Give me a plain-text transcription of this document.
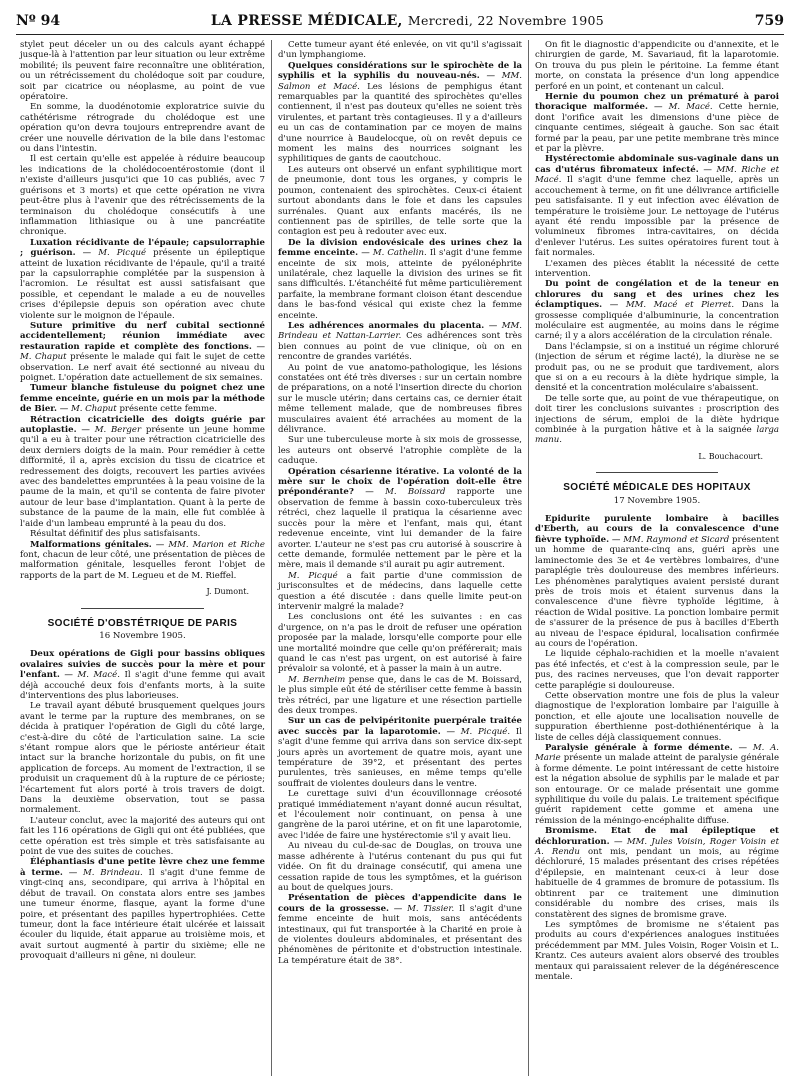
Nº 94	LA PRESSE MÉDICALE, Mercredi, 22 Novembre 1905	759

stylet peut déceler un ou des calculs ayant échappé jusque-là à l'attention par leur situation ou leur extrême mobilité; ils peuvent faire reconnaître une oblitération, ou un rétrécissement du cholédoque soit par coudure, soit par cicatrice ou néoplasme, au point de vue opératoire.

En somme, la duodénotomie exploratrice suivie du cathétérisme rétrograde du cholédoque est une opération qu'on devra toujours entreprendre avant de créer une nouvelle dérivation de la bile dans l'estomac ou dans l'intestin.

Il est certain qu'elle est appelée à réduire beaucoup les indications de la cholédocoentérostomie (dont il n'existe d'ailleurs jusqu'ici que 10 cas publiés, avec 7 guérisons et 3 morts) et que cette opération ne vivra peut-être plus à l'avenir que des rétrécissements de la terminaison du cholédoque consécutifs à une inflammation lithiasique ou à une pancréatite chronique.

Luxation récidivante de l'épaule; capsulorraphie ; guérison. — M. Picqué présente un épileptique atteint de luxation récidivante de l'épaule, qu'il a traité par la capsulorraphie complétée par la suspension à l'acromion. Le résultat est aussi satisfaisant que possible, et cependant le malade a eu de nouvelles crises d'épilepsie depuis son opération avec chute violente sur le moignon de l'épaule.

Suture primitive du nerf cubital sectionné accidentellement; réunion immédiate avec restauration rapide et complète des fonctions. — M. Chaput présente le malade qui fait le sujet de cette observation. Le nerf avait été sectionné au niveau du poignet. L'opération date actuellement de six semaines.

Tumeur blanche fistuleuse du poignet chez une femme enceinte, guérie en un mois par la méthode de Bier. — M. Chaput présente cette femme.

Rétraction cicatricielle des doigts guérie par autoplastie. — M. Berger présente un jeune homme qu'il a eu à traiter pour une rétraction cicatricielle des deux derniers doigts de la main. Pour remédier à cette difformité, il a, après excision du tissu de cicatrice et redressement des doigts, recouvert les parties avivées avec des bandelettes empruntées à la peau voisine de la paume de la main, et qu'il se contenta de faire pivoter autour de leur base d'implantation. Quant à la perte de substance de la paume de la main, elle fut comblée à l'aide d'un lambeau emprunté à la peau du dos.

Résultat définitif des plus satisfaisants.

Malformations génitales. — MM. Marion et Riche font, chacun de leur côté, une présentation de pièces de malformation génitale, lesquelles feront l'objet de rapports de la part de M. Legueu et de M. Rieffel.

J. Dumont.

SOCIÉTÉ D'OBSTÉTRIQUE DE PARIS

16 Novembre 1905.

Deux opérations de Gigli pour bassins obliques ovalaires suivies de succès pour la mère et pour l'enfant. — M. Macé. Il s'agit d'une femme qui avait déjà accouché deux fois d'enfants morts, à la suite d'interventions des plus laborieuses.

Le travail ayant débuté brusquement quelques jours avant le terme par la rupture des membranes, on se décida à pratiquer l'opération de Gigli du côté large, c'est-à-dire du côté de l'articulation saine. La scie s'étant rompue alors que le périoste antérieur était intact sur la branche horizontale du pubis, on fit une application de forceps. Au moment de l'extraction, il se produisit un craquement dû à la rupture de ce périoste; l'écartement fut alors porté à trois travers de doigt. Dans la deuxième observation, tout se passa normalement.

L'auteur conclut, avec la majorité des auteurs qui ont fait les 116 opérations de Gigli qui ont été publiées, que cette opération est très simple et très satisfaisante au point de vue des suites de couches.

Éléphantiasis d'une petite lèvre chez une femme à terme. — M. Brindeau. Il s'agit d'une femme de vingt-cinq ans, secondipare, qui arriva à l'hôpital en début de travail. On constata alors entre ses jambes une tumeur énorme, flasque, ayant la forme d'une poire, et présentant des papilles hypertrophiées. Cette tumeur, dont la face intérieure était ulcérée et laissait écouler du liquide, était apparue au troisième mois, et avait surtout augmenté à partir du sixième; elle ne provoquait d'ailleurs ni gêne, ni douleur.

Cette tumeur ayant été enlevée, on vit qu'il s'agissait d'un lymphangiome.

Quelques considérations sur le spirochète de la syphilis et la syphilis du nouveau-nés. — MM. Salmon et Macé. Les lésions de pemphigus étant remarquables par la quantité des spirochètes qu'elles contiennent, il n'est pas douteux qu'elles ne soient très virulentes, et partant très contagieuses. Il y a d'ailleurs eu un cas de contamination par ce moyen de mains d'une nourrice à Baudelocque, où on revêt depuis ce moment les mains des nourrices soignant les syphilitiques de gants de caoutchouc.

Les auteurs ont observé un enfant syphilitique mort de pneumonie, dont tous les organes, y compris le poumon, contenaient des spirochètes. Ceux-ci étaient surtout abondants dans le foie et dans les capsules surrénales. Quant aux enfants macérés, ils ne contiennent pas de spirilles, de telle sorte que la contagion est peu à redouter avec eux.

De la division endovésicale des urines chez la femme enceinte. — M. Cathelin. Il s'agit d'une femme enceinte de six mois, atteinte de pyélonéphrite unilatérale, chez laquelle la division des urines se fit sans difficultés. L'étanchéité fut même particulièrement parfaite, la membrane formant cloison étant descendue dans le bas-fond vésical qui existe chez la femme enceinte.

Les adhérences anormales du placenta. — MM. Brindeau et Nattan-Larrier. Ces adhérences sont très bien connues au point de vue clinique, où on en rencontre de grandes variétés.

Au point de vue anatomo-pathologique, les lésions constatées ont été très diverses : sur un certain nombre de préparations, on a noté l'insertion directe du chorion sur le muscle utérin; dans certains cas, ce dernier était même tellement malade, que de nombreuses fibres musculaires avaient été arrachées au moment de la délivrance.

Sur une tuberculeuse morte à six mois de grossesse, les auteurs ont observé l'atrophie complète de la caduque.

Opération césarienne itérative. La volonté de la mère sur le choix de l'opération doit-elle être prépondérante? — M. Boissard rapporte une observation de femme à bassin coxo-tuberculeux très rétréci, chez laquelle il pratiqua la césarienne avec succès pour la mère et l'enfant, mais qui, étant redevenue enceinte, vint lui demander de la faire avorter. L'auteur ne s'est pas cru autorisé à souscrire à cette demande, formulée nettement par le père et la mère, mais il demande s'il aurait pu agir autrement.

M. Picqué a fait partie d'une commission de jurisconsultes et de médecins, dans laquelle cette question a été discutée : dans quelle limite peut-on intervenir malgré la malade?

Les conclusions ont été les suivantes : en cas d'urgence, on n'a pas le droit de refuser une opération proposée par la malade, lorsqu'elle comporte pour elle une mortalité moindre que celle qu'on préférerait; mais quand le cas n'est pas urgent, on est autorisé à faire prévaloir sa volonté, et à passer la main à un autre.

M. Bernheim pense que, dans le cas de M. Boissard, le plus simple eût été de stériliser cette femme à bassin très rétréci, par une ligature et une résection partielle des deux trompes.

Sur un cas de pelvipéritonite puerpérale traitée avec succès par la laparotomie. — M. Picqué. Il s'agit d'une femme qui arriva dans son service dix-sept jours après un avortement de quatre mois, ayant une température de 39°2, et présentant des pertes purulentes, très sanieuses, en même temps qu'elle souffrait de violentes douleurs dans le ventre.

Le curettage suivi d'un écouvillonnage créosoté pratiqué immédiatement n'ayant donné aucun résultat, et l'écoulement noir continuant, on pensa à une gangrène de la paroi utérine, et on fit une laparotomie, avec l'idée de faire une hystérectomie s'il y avait lieu.

Au niveau du cul-de-sac de Douglas, on trouva une masse adhérente à l'utérus contenant du pus qui fut vidée. On fit du drainage consécutif, qui amena une cessation rapide de tous les symptômes, et la guérison au bout de quelques jours.

Présentation de pièces d'appendicite dans le cours de la grossesse. — M. Tissier. Il s'agit d'une femme enceinte de huit mois, sans antécédents intestinaux, qui fut transportée à la Charité en proie à de violentes douleurs abdominales, et présentant des phénomènes de péritonite et d'obstruction intestinale. La température était de 38°.

On fit le diagnostic d'appendicite ou d'annexite, et le chirurgien de garde, M. Savariaud, fit la laparotomie. On trouva du pus plein le péritoine. La femme étant morte, on constata la présence d'un long appendice perforé en un point, et contenant un calcul.

Hernie du poumon chez un prématuré à paroi thoracique malformée. — M. Macé. Cette hernie, dont l'orifice avait les dimensions d'une pièce de cinquante centimes, siégeait à gauche. Son sac était formé par la peau, par une petite membrane très mince et par la plèvre.

Hystérectomie abdominale sus-vaginale dans un cas d'utérus fibromateux infecté. — MM. Riche et Macé. Il s'agit d'une femme chez laquelle, après un accouchement à terme, on fit une délivrance artificielle peu satisfaisante. Il y eut infection avec élévation de température le troisième jour. Le nettoyage de l'utérus ayant été rendu impossible par la présence de volumineux fibromes intra-cavitaires, on décida d'enlever l'utérus. Les suites opératoires furent tout à fait normales.

L'examen des pièces établit la nécessité de cette intervention.

Du point de congélation et de la teneur en chlorures du sang et des urines chez les éclamptiques. — MM. Macé et Pierret. Dans la grossesse compliquée d'albuminurie, la concentration moléculaire est augmentée, au moins dans le régime carné; il y a alors accélération de la circulation rénale.

Dans l'éclampsie, si on a institué un régime chloruré (injection de sérum et régime lacté), la diurèse ne se produit pas, ou ne se produit que tardivement, alors que si on a eu recours à la diète hydrique simple, la densité et la concentration moléculaire s'abaissent.

De telle sorte que, au point de vue thérapeutique, on doit tirer les conclusions suivantes : proscription des injections de sérum, emploi de la diète hydrique combinée à la purgation hâtive et à la saignée larga manu.

L. Bouchacourt.

SOCIÉTÉ MÉDICALE DES HOPITAUX

17 Novembre 1905.

Epidurite purulente lombaire à bacilles d'Eberth, au cours de la convalescence d'une fièvre typhoïde. — MM. Raymond et Sicard présentent un homme de quarante-cinq ans, guéri après une laminectomie des 3e et 4e vertèbres lombaires, d'une paraplégie très douloureuse des membres inférieurs. Les phénomènes paralytiques avaient persisté durant près de trois mois et étaient survenus dans la convalescence d'une fièvre typhoïde légitime, à réaction de Widal positive. La ponction lombaire permit de s'assurer de la présence de pus à bacilles d'Eberth au niveau de l'espace épidural, localisation confirmée au cours de l'opération.

Le liquide céphalo-rachidien et la moelle n'avaient pas été infectés, et c'est à la compression seule, par le pus, des racines nerveuses, que l'on devait rapporter cette paraplégie si douloureuse.

Cette observation montre une fois de plus la valeur diagnostique de l'exploration lombaire par l'aiguille à ponction, et elle ajoute une localisation nouvelle de suppuration éberthienne post-dothiénentérique à la liste de celles déjà classiquement connues.

Paralysie générale à forme démente. — M. A. Marie présente un malade atteint de paralysie générale à forme démente. Le point intéressant de cette histoire est la négation absolue de syphilis par le malade et par son entourage. Or ce malade présentait une gomme syphilitique du voile du palais. Le traitement spécifique guérit rapidement cette gomme et amena une rémission de la méningo-encéphalite diffuse.

Bromisme. Etat de mal épileptique et déchloruration. — MM. Jules Voisin, Roger Voisin et A. Rendu ont mis, pendant un mois, au régime déchloruré, 15 malades présentant des crises répétées d'épilepsie, en maintenant ceux-ci à leur dose habituelle de 4 grammes de bromure de potassium. Ils obtinrent par ce traitement une diminution considérable du nombre des crises, mais ils constatèrent des signes de bromisme grave.

Les symptômes de bromisme ne s'étaient pas produits au cours d'expériences analogues instituées précédemment par MM. Jules Voisin, Roger Voisin et L. Krantz. Ces auteurs avaient alors observé des troubles mentaux qui paraissaient relever de la dégénérescence mentale.
